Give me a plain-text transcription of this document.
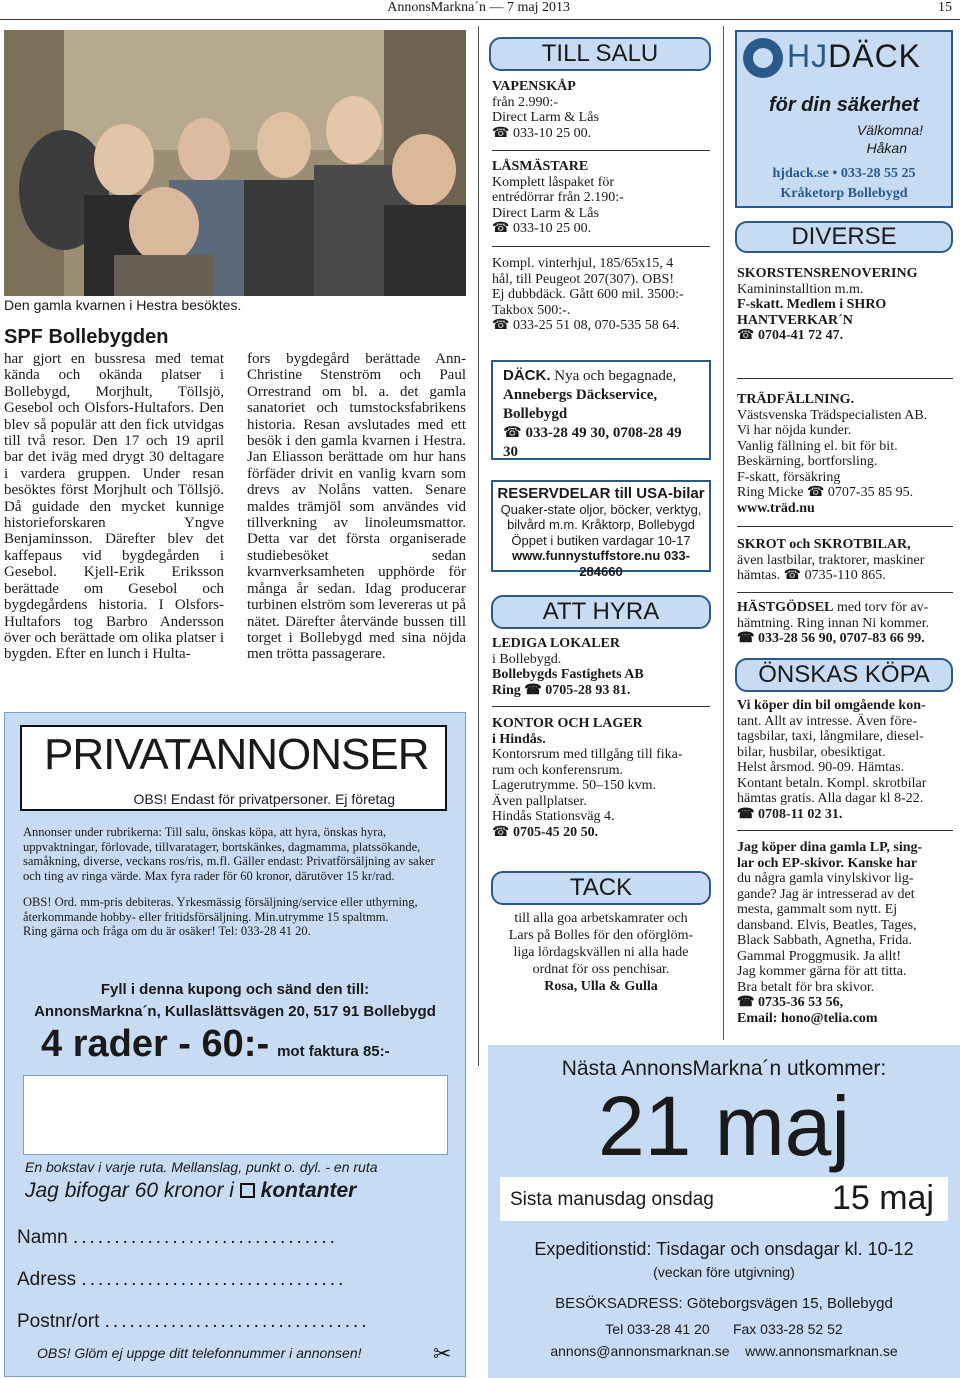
AnnonsMarkna´n — 7 maj 2013	15
Den gamla kvarnen i Hestra besöktes.
SPF Bollebygden

har gjort en bussresa med temat kända och okända platser i Bollebygd, Morjhult, Töllsjö, Gesebol och Olsfors-Hultafors. Den blev så populär att den fick utvidgas till två resor. Den 17 och 19 april bar det iväg med drygt 30 deltagare i vardera gruppen. Under resan besöktes först Morjhult och Töllsjö. Då guidade den mycket kunnige historieforskaren Yngve Benjaminsson. Därefter blev det kaffepaus vid bygdegården i Gesebol. Kjell-Erik Eriksson berättade om Gesebol och bygdegårdens historia. I Olsfors-Hultafors tog Barbro Andersson över och berättade om olika platser i bygden. Efter en lunch i Hulta-

fors bygdegård berättade Ann-Christine Stenström och Paul Orrestrand om bl. a. det gamla sanatoriet och tumstocksfabrikens historia. Resan avslutades med ett besök i den gamla kvarnen i Hestra. Jan Eliasson berättade om hur hans förfäder drivit en vanlig kvarn som drevs av Nolåns vatten. Senare maldes trämjöl som användes vid tillverkning av linoleumsmattor. Detta var det första organiserade studiebesöket sedan kvarnverksamheten upphörde för många år sedan. Idag producerar turbinen elström som levereras ut på nätet. Därefter återvände bussen till torget i Bollebygd med sina nöjda men trötta passagerare.

PRIVATANNONSER
OBS! Endast för privatpersoner. Ej företag

Annonser under rubrikerna: Till salu, önskas köpa, att hyra, önskas hyra, uppvaktningar, förlovade, tillvaratagет, bortskänkes, dagmamma, platssökande, samåkning, diverse, veckans ros/ris, m.fl. Gäller endast: Privatförsäljning av saker och ting av ringa värde. Max fyra rader för 60 kronor, därutöver 15 kr/rad.

OBS! Ord. mm-pris debiteras. Yrkesmässig försäljning/service eller uthyrning, återkommande hobby- eller fritidsförsäljning. Min.utrymme 15 spaltmm.

Ring gärna och fråga om du är osäker! Tel: 033-28 41 20.

Fyll i denna kupong och sänd den till:
AnnonsMarkna´n, Kullaslättsvägen 20, 517 91 Bollebygd
4 rader - 60:- mot faktura 85:-
En bokstav i varje ruta. Mellanslag, punkt o. dyl. - en ruta
Jag bifogar 60 kronor i kontanter
Namn ................................
Adress ................................
Postnr/ort ................................
OBS! Glöm ej uppge ditt telefonnummer i annonsen!	✂
TILL SALU
VAPENSKÅP
från 2.990:-
Direct Larm & Lås
☎ 033-10 25 00.
LÅSMÄSTARE
Komplett låspaket för
entrédörrar från 2.190:-
Direct Larm & Lås
☎ 033-10 25 00.
Kompl. vinterhjul, 185/65x15, 4
hål, till Peugeot 207(307). OBS!
Ej dubbdäck. Gått 600 mil. 3500:-
Takbox 500:-.
☎ 033-25 51 08, 070-535 58 64.
DÄCK. Nya och begagnade,
Annebergs Däckservice,
Bollebygd
☎ 033-28 49 30, 0708-28 49 30
RESERVDELAR till USA-bilar
Quaker-state oljor, böcker, verktyg,
bilvård m.m. Kråktorp, Bollebygd
Öppet i butiken vardagar 10-17
www.funnystuffstore.nu 033-284660
ATT HYRA
LEDIGA LOKALER
i Bollebygd.
Bollebygds Fastighets AB
Ring ☎ 0705-28 93 81.
KONTOR OCH LAGER
i Hindås.
Kontorsrum med tillgång till fika-
rum och konferensrum.
Lagerutrymme. 50–150 kvm.
Även pallplatser.
Hindås Stationsväg 4.
☎ 0705-45 20 50.
TACK
till alla goa arbetskamrater och
Lars på Bolles för den oförglöm-
liga lördagskvällen ni alla hade
ordnat för oss penchisar.
Rosa, Ulla & Gulla
HJDÄCK
för din säkerhet
Välkomna!
Håkan
hjdack.se • 033-28 55 25
Kråketorp Bollebygd
DIVERSE
SKORSTENSRENOVERING
Kamininstalltion m.m.
F-skatt. Medlem i SHRO
HANTVERKAR´N
☎ 0704-41 72 47.
TRÄDFÄLLNING.
Västsvenska Trädspecialisten AB.
Vi har nöjda kunder.
Vanlig fällning el. bit för bit.
Beskärning, bortforsling.
F-skatt, försäkring
Ring Micke ☎ 0707-35 85 95.
www.träd.nu
SKROT och SKROTBILAR,
även lastbilar, traktorer, maskiner
hämtas. ☎ 0735-110 865.
HÄSTGÖDSEL med torv för av-
hämtning. Ring innan Ni kommer.
☎ 033-28 56 90, 0707-83 66 99.
ÖNSKAS KÖPA
Vi köper din bil omgående kon-
tant. Allt av intresse. Även före-
tagsbilar, taxi, långmilare, diesel-
bilar, husbilar, obesiktigat.
Helst årsmod. 90-09. Hämtas.
Kontant betaln. Kompl. skrotbilar
hämtas gratis. Alla dagar kl 8-22.
☎ 0708-11 02 31.
Jag köper dina gamla LP, sing-
lar och EP-skivor. Kanske har
du några gamla vinylskivor lig-
gande? Jag är intresserad av det
mesta, gammalt som nytt. Ej
dansband. Elvis, Beatles, Tages,
Black Sabbath, Agnetha, Frida.
Gammal Proggmusik. Ja allt!
Jag kommer gärna för att titta.
Bra betalt för bra skivor.
☎ 0735-36 53 56,
Email: hono@telia.com
Nästa AnnonsMarkna´n utkommer:
21 maj
Sista manusdag onsdag	15 maj
Expeditionstid: Tisdagar och onsdagar kl. 10-12
(veckan före utgivning)
BESÖKSADRESS: Göteborgsvägen 15, Bollebygd
Tel 033-28 41 20      Fax 033-28 52 52
annons@annonsmarknan.se    www.annonsmarknan.se
